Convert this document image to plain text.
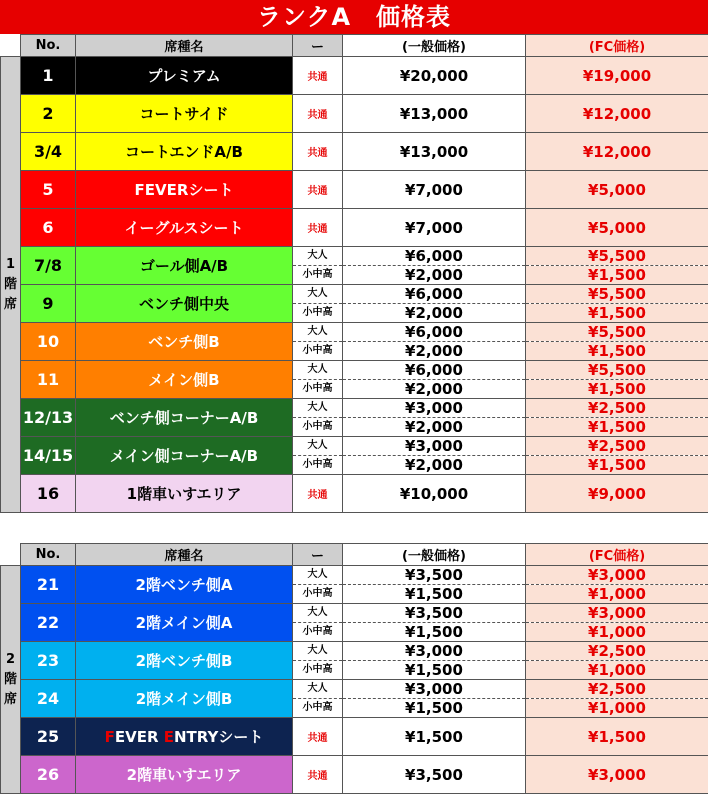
ランクA　価格表
	No.	席種名	ー	(一般価格)	(FC価格)
1
階
席	1	プレミアム	共通	¥20,000	¥19,000

	2	コートサイド	共通	¥13,000	¥12,000

	3/4	コートエンドA/B	共通	¥13,000	¥12,000

	5	FEVERシート	共通	¥7,000	¥5,000

	6	イーグルスシート	共通	¥7,000	¥5,000

	7/8	ゴール側A/B	大人	¥6,000	¥5,500
			小中高	¥2,000	¥1,500
	9	ベンチ側中央	大人	¥6,000	¥5,500
			小中高	¥2,000	¥1,500
	10	ベンチ側B	大人	¥6,000	¥5,500
			小中高	¥2,000	¥1,500
	11	メイン側B	大人	¥6,000	¥5,500
			小中高	¥2,000	¥1,500
	12/13	ベンチ側コーナーA/B	大人	¥3,000	¥2,500
			小中高	¥2,000	¥1,500
	14/15	メイン側コーナーA/B	大人	¥3,000	¥2,500
			小中高	¥2,000	¥1,500
	16	1階車いすエリア	共通	¥10,000	¥9,000

	No.	席種名	ー	(一般価格)	(FC価格)
2
階
席	21	2階ベンチ側A	大人	¥3,500	¥3,000
			小中高	¥1,500	¥1,000
	22	2階メイン側A	大人	¥3,500	¥3,000
			小中高	¥1,500	¥1,000
	23	2階ベンチ側B	大人	¥3,000	¥2,500
			小中高	¥1,500	¥1,000
	24	2階メイン側B	大人	¥3,000	¥2,500
			小中高	¥1,500	¥1,000
	25	FEVER ENTRYシート	共通	¥1,500	¥1,500

	26	2階車いすエリア	共通	¥3,500	¥3,000
